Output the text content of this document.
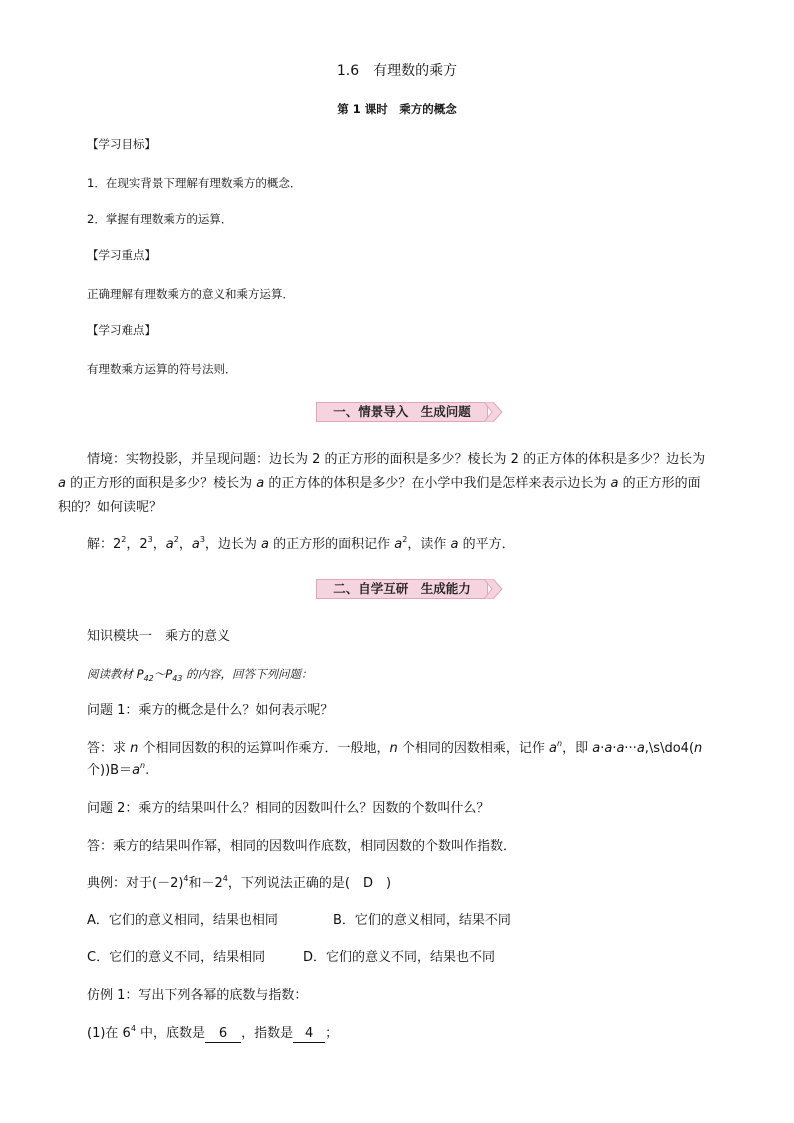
1.6　有理数的乘方
第 1 课时　乘方的概念
【学习目标】
1．在现实背景下理解有理数乘方的概念．
2．掌握有理数乘方的运算．
【学习重点】
正确理解有理数乘方的意义和乘方运算．
【学习难点】
有理数乘方运算的符号法则．
一、情景导入　生成问题
情境：实物投影，并呈现问题：边长为 2 的正方形的面积是多少？棱长为 2 的正方体的体积是多少？边长为
a 的正方形的面积是多少？棱长为 a 的正方体的体积是多少？在小学中我们是怎样来表示边长为 a 的正方形的面
积的？如何读呢？
解：$2^2$，$2^3$，$a^2$，$a^3$，边长为 a 的正方形的面积记作 $a^2$，读作 a 的平方．
二、自学互研　生成能力
知识模块一　乘方的意义
阅读教材 $P_{42}\sim P_{43}$ 的内容，回答下列问题：
问题 1：乘方的概念是什么？如何表示呢？
答：求 n 个相同因数的积的运算叫作乘方．一般地，n 个相同的因数相乘，记作 $a^n$，即 a·a·a···a,\s\do4(n
个))$B=a^n$.
问题 2：乘方的结果叫什么？相同的因数叫什么？因数的个数叫什么？
答：乘方的结果叫作幂，相同的因数叫作底数，相同因数的个数叫作指数．
典例：对于$(-2)^4$和$-2^4$，下列说法正确的是(　D　)
A．它们的意义相同，结果也相同	B．它们的意义相同，结果不同
C．它们的意义不同，结果相同	D．它们的意义不同，结果也不同
仿例 1：写出下列各幂的底数与指数：
(1)在 $6^4$ 中，底数是 6 ，指数是 4 ；
